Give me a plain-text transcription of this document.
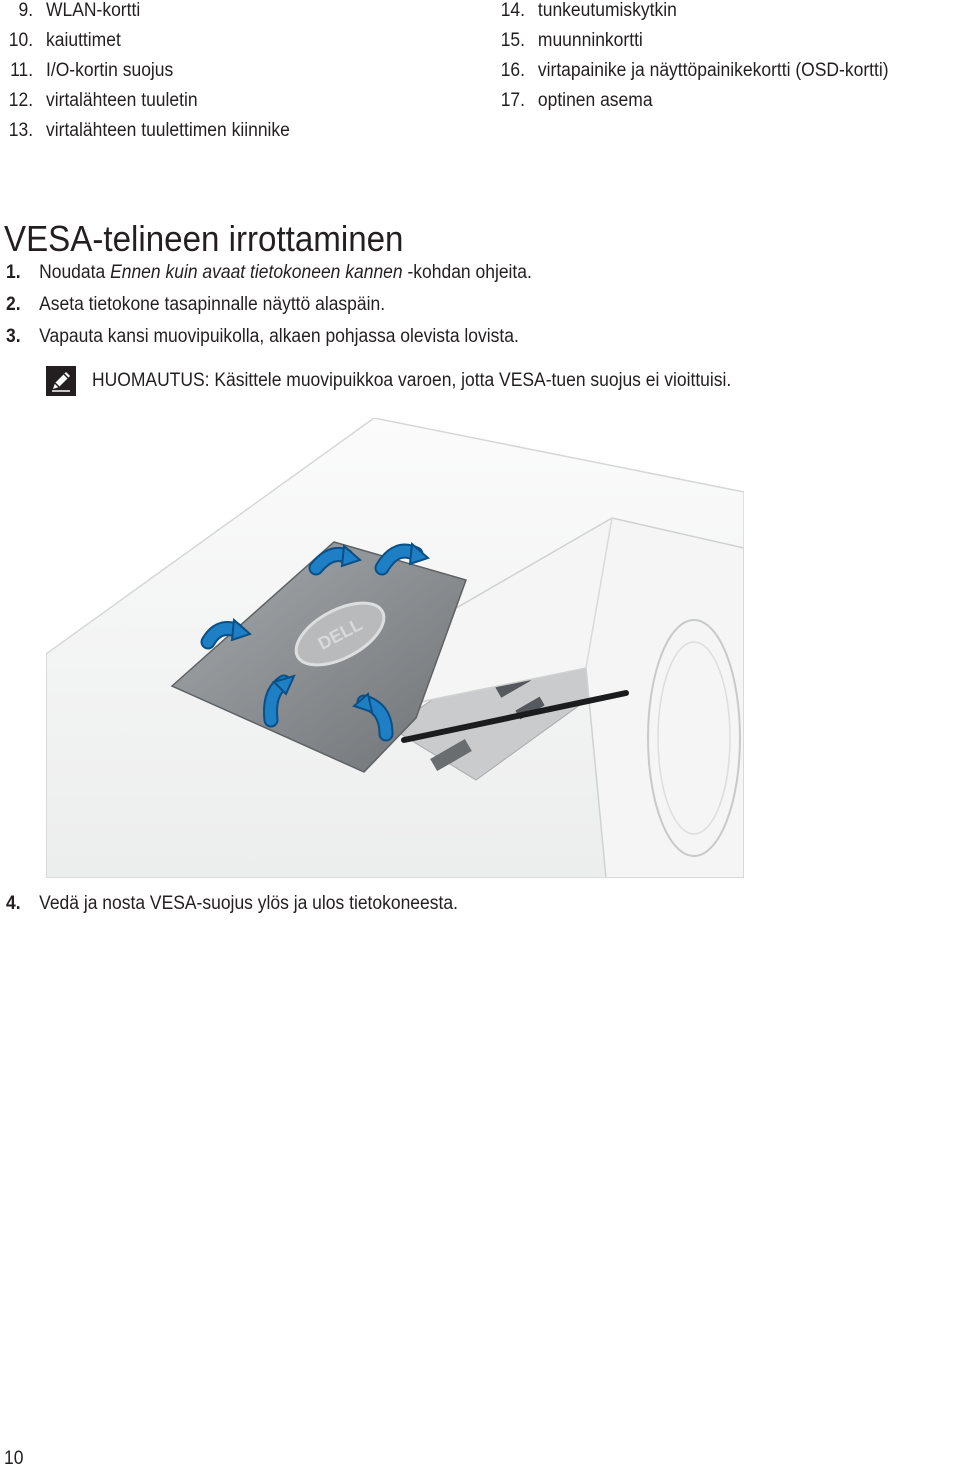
9. WLAN-kortti
10. kaiuttimet
11. I/O-kortin suojus
12. virtalähteen tuuletin
13. virtalähteen tuulettimen kiinnike
14. tunkeutumiskytkin
15. muunninkortti
16. virtapainike ja näyttöpainikekortti (OSD-kortti)
17. optinen asema
VESA-telineen irrottaminen
1. Noudata Ennen kuin avaat tietokoneen kannen -kohdan ohjeita.
2. Aseta tietokone tasapinnalle näyttö alaspäin.
3. Vapauta kansi muovipuikolla, alkaen pohjassa olevista lovista.
HUOMAUTUS: Käsittele muovipuikkoa varoen, jotta VESA-tuen suojus ei vioittuisi.
DELL
4. Vedä ja nosta VESA-suojus ylös ja ulos tietokoneesta.
10
